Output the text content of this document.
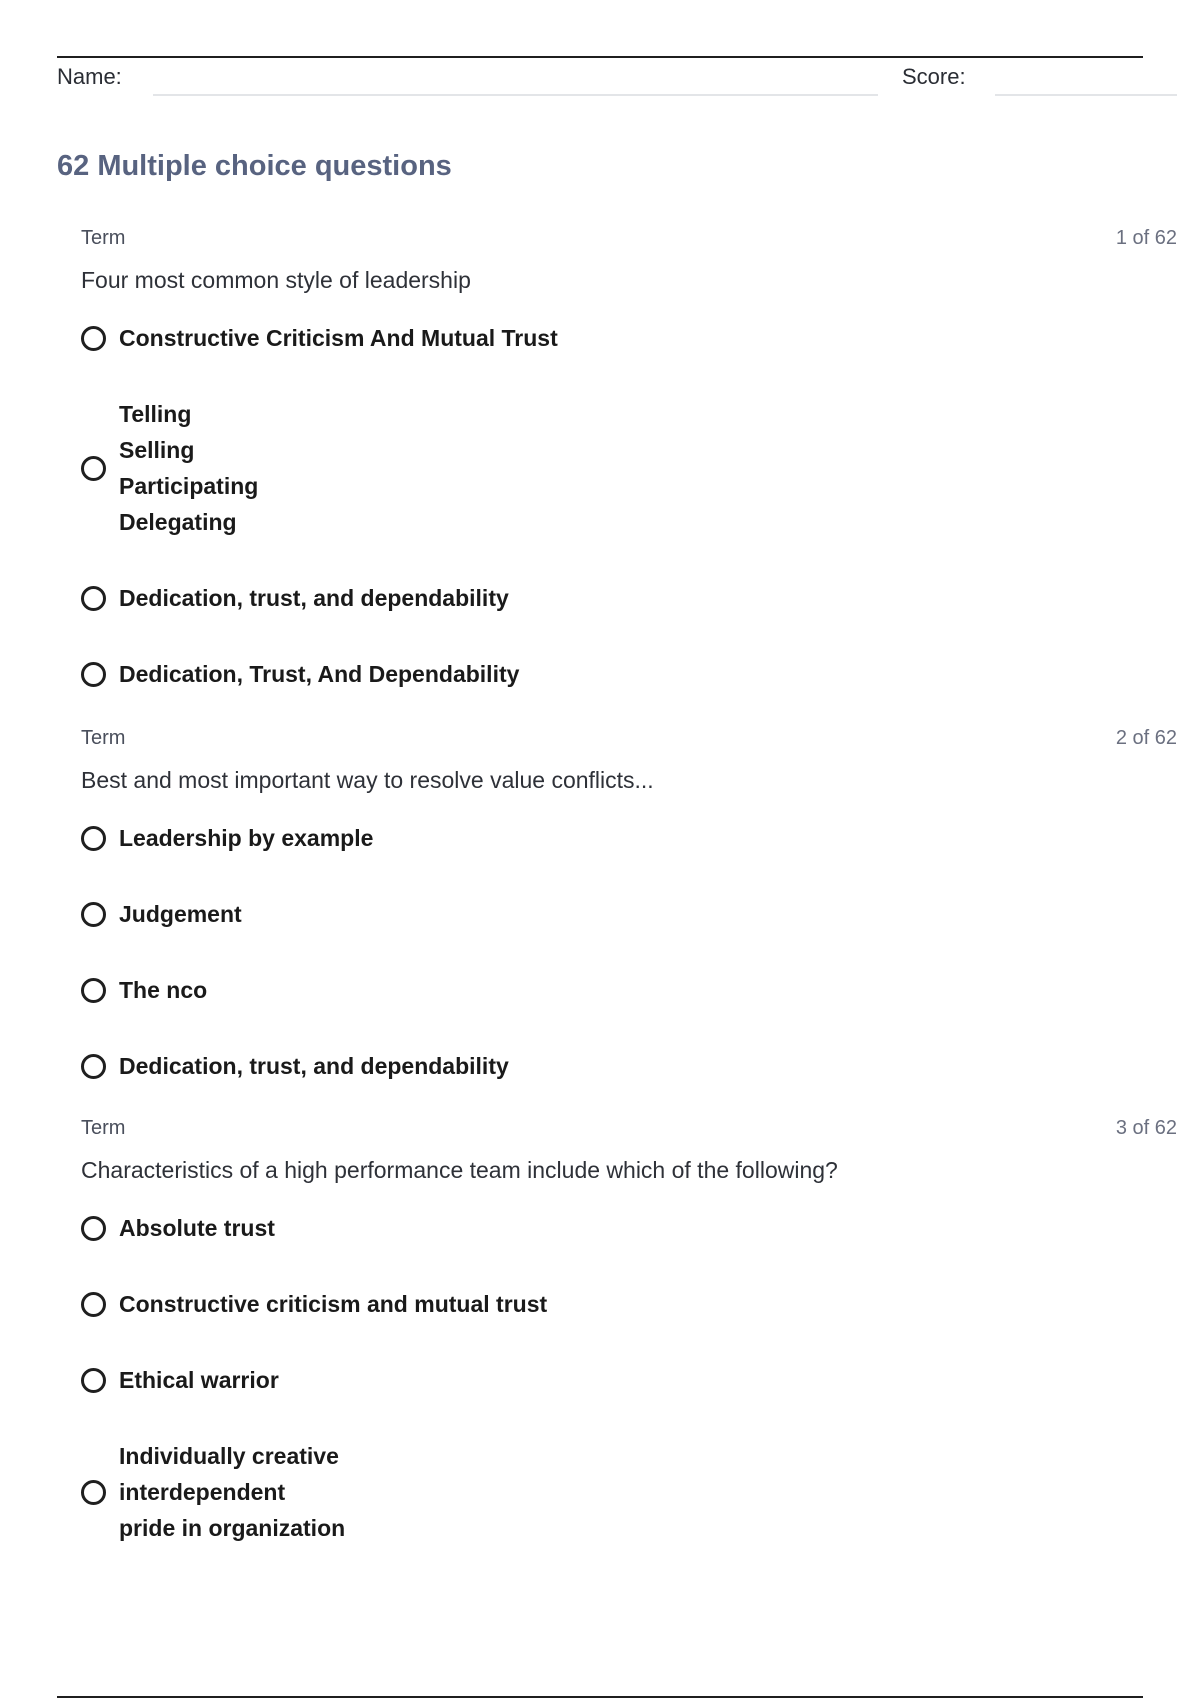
Name:	Score:
62 Multiple choice questions
Term	1 of 62
Four most common style of leadership
Constructive Criticism And Mutual Trust
Telling
Selling
Participating
Delegating
Dedication, trust, and dependability
Dedication, Trust, And Dependability
Term	2 of 62
Best and most important way to resolve value conflicts...
Leadership by example
Judgement
The nco
Dedication, trust, and dependability
Term	3 of 62
Characteristics of a high performance team include which of the following?
Absolute trust
Constructive criticism and mutual trust
Ethical warrior
Individually creative
interdependent
pride in organization
